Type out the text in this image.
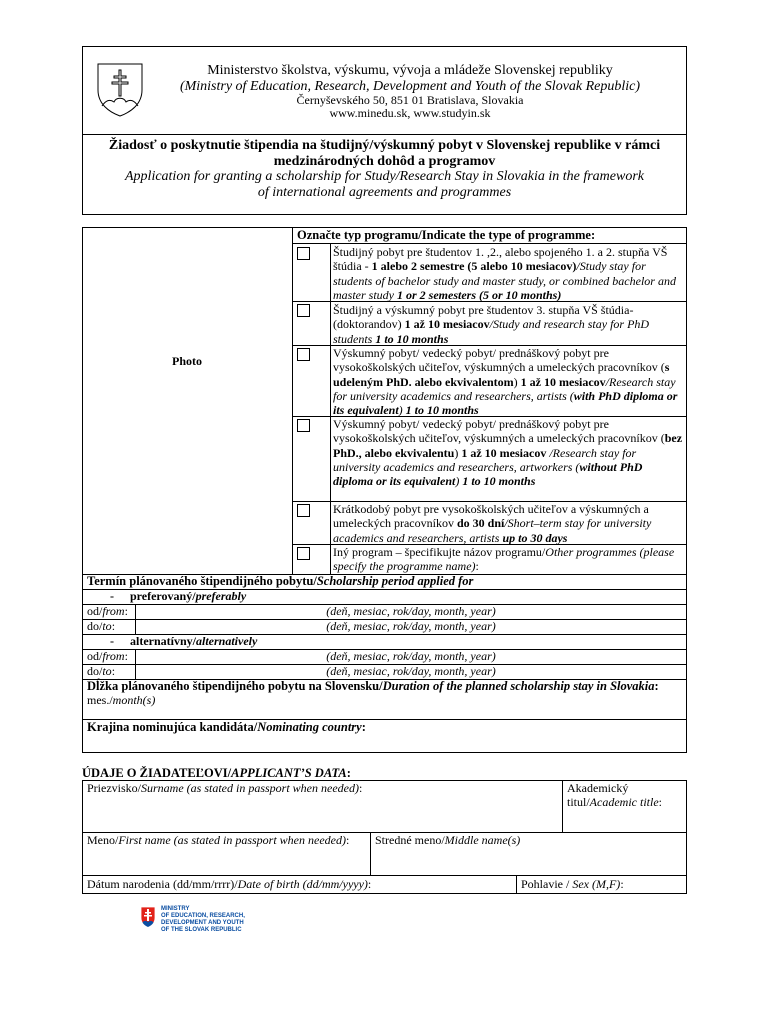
Ministerstvo školstva, výskumu, vývoja a mládeže Slovenskej republiky
(Ministry of Education, Research, Development and Youth of the Slovak Republic)
Černyševského 50, 851 01 Bratislava, Slovakia
www.minedu.sk, www.studyin.sk
Žiadosť o poskytnutie štipendia na študijný/výskumný pobyt v Slovenskej republike v rámci
medzinárodných dohôd a programov
Application for granting a scholarship for Study/Research Stay in Slovakia in the framework
of international agreements and programmes
Photo
Označte typ programu/Indicate the type of programme:
Študijný pobyt pre študentov 1. ,2., alebo spojeného 1. a 2. stupňa VŠ štúdia - 1 alebo 2 semestre (5 alebo 10 mesiacov)/Study stay for students of bachelor study and master study, or combined bachelor and master study 1 or 2 semesters (5 or 10 months)
Študijný a výskumný pobyt pre študentov 3. stupňa VŠ štúdia-(doktorandov) 1 až 10 mesiacov/Study and research stay for PhD students 1 to 10 months
Výskumný pobyt/ vedecký pobyt/ prednáškový pobyt pre vysokoškolských učiteľov, výskumných a umeleckých pracovníkov (s udeleným PhD. alebo ekvivalentom) 1 až 10 mesiacov/Research stay for university academics and researchers, artists (with PhD diploma or its equivalent) 1 to 10 months
Výskumný pobyt/ vedecký pobyt/ prednáškový pobyt pre vysokoškolských učiteľov, výskumných a umeleckých pracovníkov (bez PhD., alebo ekvivalentu) 1 až 10 mesiacov /Research stay for university academics and researchers, artworkers (without PhD diploma or its equivalent) 1 to 10 months
Krátkodobý pobyt pre vysokoškolských učiteľov a výskumných a umeleckých pracovníkov do 30 dní/Short–term stay for university academics and researchers, artists up to 30 days
Iný program – špecifikujte názov programu/Other programmes (please specify the programme name):
Termín plánovaného štipendijného pobytu/Scholarship period applied for
- preferovaný/preferably
od/from:	(deň, mesiac, rok/day, month, year)
do/to:	(deň, mesiac, rok/day, month, year)
- alternatívny/alternatively
od/from:	(deň, mesiac, rok/day, month, year)
do/to:	(deň, mesiac, rok/day, month, year)
Dĺžka plánovaného štipendijného pobytu na Slovensku/Duration of the planned scholarship stay in Slovakia:
mes./month(s)
Krajina nominujúca kandidáta/Nominating country:
ÚDAJE O ŽIADATEĽOVI/APPLICANT’S DATA:
Priezvisko/Surname (as stated in passport when needed):	Akademický titul/Academic title:
Meno/First name (as stated in passport when needed):	Stredné meno/Middle name(s)
Dátum narodenia (dd/mm/rrrr)/Date of birth (dd/mm/yyyy):	Pohlavie / Sex (M,F):
MINISTRY
OF EDUCATION, RESEARCH,
DEVELOPMENT AND YOUTH
OF THE SLOVAK REPUBLIC
